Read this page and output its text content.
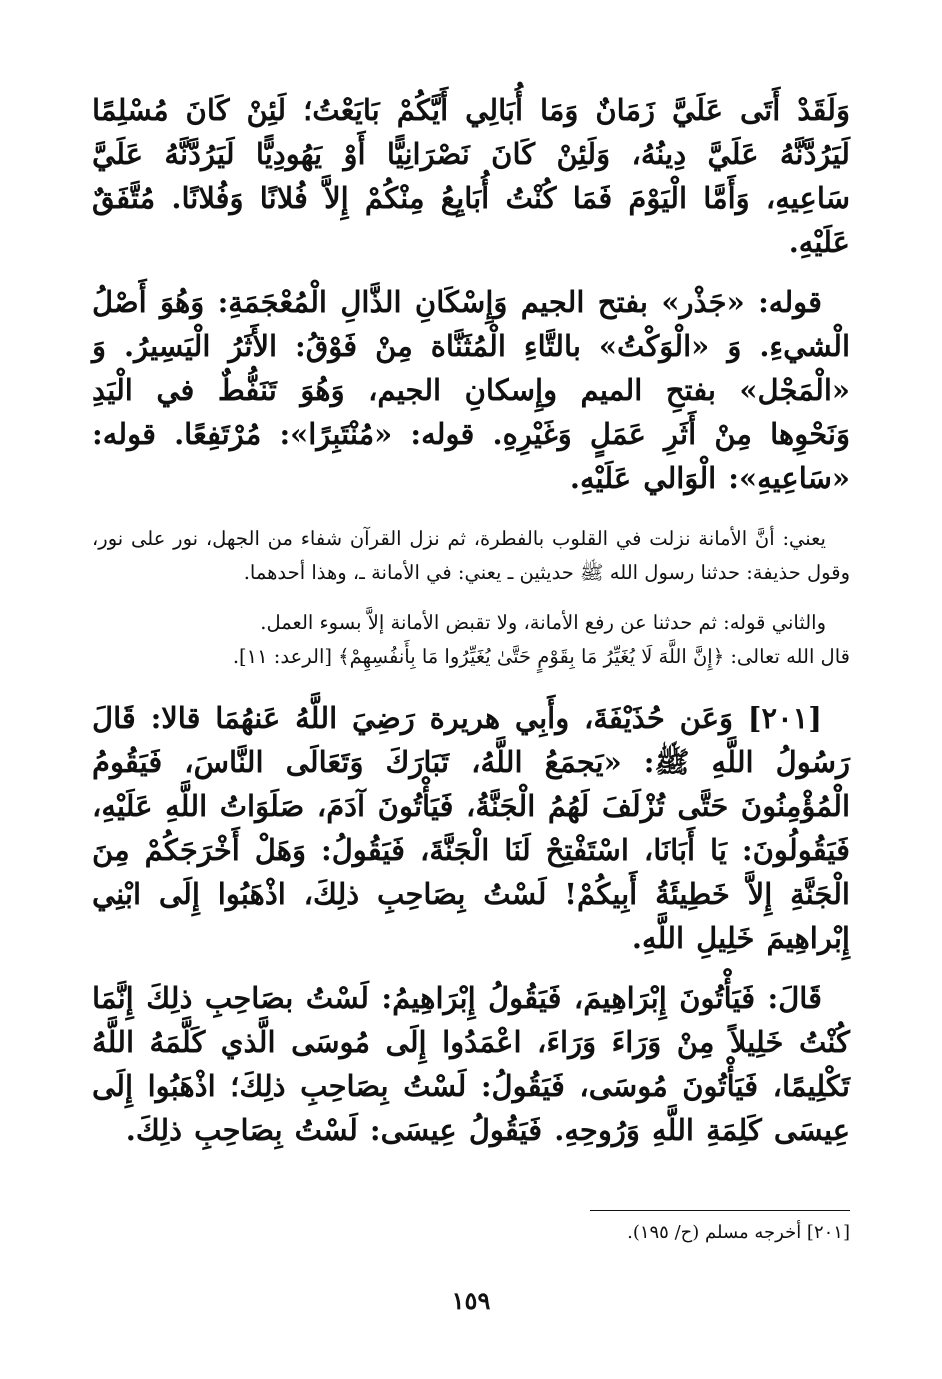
وَلَقَدْ أَتَى عَلَيَّ زَمَانٌ وَمَا أُبَالِي أَيَّكُمْ بَايَعْتُ؛ لَئِنْ كَانَ مُسْلِمًا لَيَرُدَّنَّهُ عَلَيَّ دِينُهُ، وَلَئِنْ كَانَ نَصْرَانِيًّا أَوْ يَهُودِيًّا لَيَرُدَّنَّهُ عَلَيَّ سَاعِيهِ، وَأَمَّا الْيَوْمَ فَمَا كُنْتُ أُبَايِعُ مِنْكُمْ إِلاَّ فُلانًا وَفُلانًا. مُتَّفَقٌ عَلَيْهِ.

قوله: «جَذْر» بفتح الجيم وَإِسْكَانِ الذَّالِ الْمُعْجَمَةِ: وَهُوَ أَصْلُ الْشيءِ. وَ «الْوَكْتُ» بالتَّاءِ الْمُثَنَّاة مِنْ فَوْقُ: الأَثَرُ الْيَسِيرُ. وَ «الْمَجْل» بفتحِ الميم وإِسكانِ الجيم، وَهُوَ تَنَفُّطٌ في الْيَدِ وَنَحْوِها مِنْ أَثَرِ عَمَلٍ وَغَيْرِهِ. قوله: «مُنْتَبِرًا»: مُرْتَفِعًا. قوله: «سَاعِيهِ»: الْوَالي عَلَيْهِ.

يعني: أنَّ الأمانة نزلت في القلوب بالفطرة، ثم نزل القرآن شفاء من الجهل، نور على نور، وقول حذيفة: حدثنا رسول الله ﷺ حديثين ـ يعني: في الأمانة ـ، وهذا أحدهما.

والثاني قوله: ثم حدثنا عن رفع الأمانة، ولا تقبض الأمانة إلاَّ بسوء العمل.

قال الله تعالى: ﴿إِنَّ اللَّهَ لَا يُغَيِّرُ مَا بِقَوْمٍ حَتَّىٰ يُغَيِّرُوا مَا بِأَنفُسِهِمْ﴾ [الرعد: ١١].

[٢٠١] وَعَن حُذَيْفَةَ، وأَبِي هريرة رَضِيَ اللَّهُ عَنهُمَا قالا: قَالَ رَسُولُ اللَّهِ ﷺ: «يَجمَعُ اللَّهُ، تَبَارَكَ وَتَعَالَى النَّاسَ، فَيَقُومُ الْمُؤْمِنُونَ حَتَّى تُزْلَفَ لَهُمُ الْجَنَّةُ، فَيَأْتُونَ آدَمَ، صَلَوَاتُ اللَّهِ عَلَيْهِ، فَيَقُولُونَ: يَا أَبَانَا، اسْتَفْتِحْ لَنَا الْجَنَّةَ، فَيَقُولُ: وَهَلْ أَخْرَجَكُمْ مِنَ الْجَنَّةِ إِلاَّ خَطِيئَةُ أَبِيكُمْ! لَسْتُ بِصَاحِبِ ذلِكَ، اذْهَبُوا إِلَى ابْنِي إِبْراهِيمَ خَلِيلِ اللَّهِ.

قَالَ: فَيَأْتُونَ إِبْرَاهِيمَ، فَيَقُولُ إِبْرَاهِيمُ: لَسْتُ بصَاحِبِ ذلِكَ إِنَّمَا كُنْتُ خَلِيلاً مِنْ وَرَاءَ وَرَاءَ، اعْمَدُوا إِلَى مُوسَى الَّذي كَلَّمَهُ اللَّهُ تَكْلِيمًا، فَيَأْتُونَ مُوسَى، فَيَقُولُ: لَسْتُ بِصَاحِبِ ذلِكَ؛ اذْهَبُوا إِلَى عِيسَى كَلِمَةِ اللَّهِ وَرُوحِهِ. فَيَقُولُ عِيسَى: لَسْتُ بِصَاحِبِ ذلِكَ.

[٢٠١] أخرجه مسلم (ح/ ١٩٥).

١٥٩
